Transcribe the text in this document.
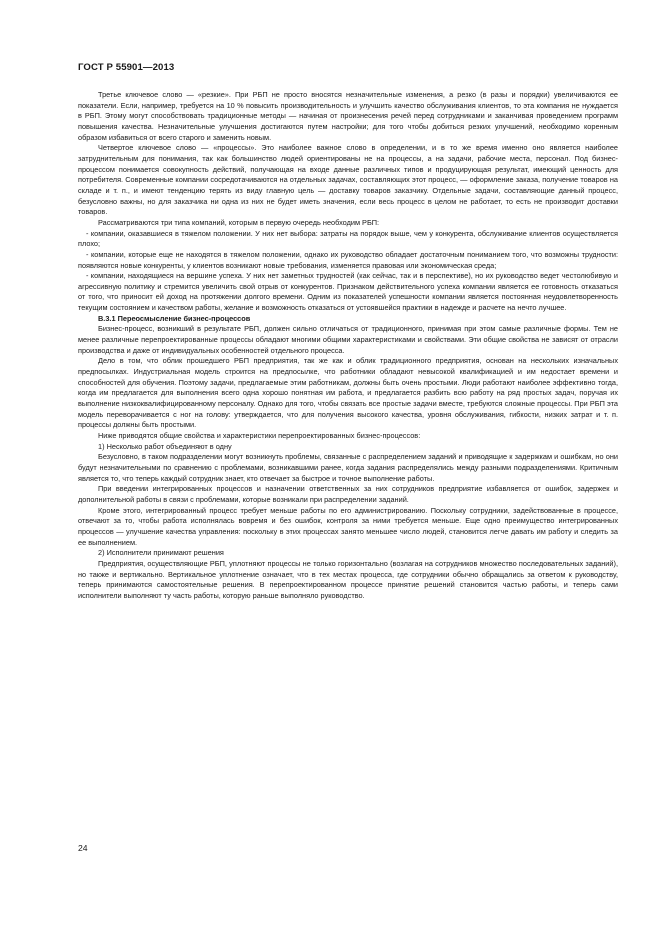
ГОСТ Р 55901—2013

Третье ключевое слово — «резкие». При РБП не просто вносятся незначительные изменения, а резко (в разы и порядки) увеличиваются ее показатели. Если, например, требуется на 10 % повысить производительность и улучшить качество обслуживания клиентов, то эта компания не нуждается в РБП. Этому могут способствовать традиционные методы — начиная от произнесения речей перед сотрудниками и заканчивая проведением программ повышения качества. Незначительные улучшения достигаются путем настройки; для того чтобы добиться резких улучшений, необходимо коренным образом избавиться от всего старого и заменить новым.

Четвертое ключевое слово — «процессы». Это наиболее важное слово в определении, и в то же время именно оно является наиболее затруднительным для понимания, так как большинство людей ориентированы не на процессы, а на задачи, рабочие места, персонал. Под бизнес-процессом понимается совокупность действий, получающая на входе данные различных типов и продуцирующая результат, имеющий ценность для потребителя. Современные компании сосредотачиваются на отдельных задачах, составляющих этот процесс, — оформление заказа, получение товаров на складе и т. п., и имеют тенденцию терять из виду главную цель — доставку товаров заказчику. Отдельные задачи, составляющие данный процесс, безусловно важны, но для заказчика ни одна из них не будет иметь значения, если весь процесс в целом не работает, то есть не производит доставки товаров.

Рассматриваются три типа компаний, которым в первую очередь необходим РБП:

- компании, оказавшиеся в тяжелом положении. У них нет выбора: затраты на порядок выше, чем у конкурента, обслуживание клиентов осуществляется плохо;

- компании, которые еще не находятся в тяжелом положении, однако их руководство обладает достаточным пониманием того, что возможны трудности: появляются новые конкуренты, у клиентов возникают новые требования, изменяется правовая или экономическая среда;

- компании, находящиеся на вершине успеха. У них нет заметных трудностей (как сейчас, так и в перспективе), но их руководство ведет честолюбивую и агрессивную политику и стремится увеличить свой отрыв от конкурентов. Признаком действительного успеха компании является ее готовность отказаться от того, что приносит ей доход на протяжении долгого времени. Одним из показателей успешности компании является постоянная неудовлетворенность текущим состоянием и качеством работы, желание и возможность отказаться от устоявшейся практики в надежде и расчете на нечто лучшее.

В.3.1 Переосмысление бизнес-процессов

Бизнес-процесс, возникший в результате РБП, должен сильно отличаться от традиционного, принимая при этом самые различные формы. Тем не менее различные перепроектированные процессы обладают многими общими характеристиками и свойствами. Эти общие свойства не зависят от отрасли производства и даже от индивидуальных особенностей отдельного процесса.

Дело в том, что облик прошедшего РБП предприятия, так же как и облик традиционного предприятия, основан на нескольких изначальных предпосылках. Индустриальная модель строится на предпосылке, что работники обладают невысокой квалификацией и им недостает времени и способностей для обучения. Поэтому задачи, предлагаемые этим работникам, должны быть очень простыми. Люди работают наиболее эффективно тогда, когда им предлагается для выполнения всего одна хорошо понятная им работа, и предлагается разбить всю работу на ряд простых задач, поручая их выполнение низкоквалифицированному персоналу. Однако для того, чтобы связать все простые задачи вместе, требуются сложные процессы. При РБП эта модель переворачивается с ног на голову: утверждается, что для получения высокого качества, уровня обслуживания, гибкости, низких затрат и т. п. процессы должны быть простыми.

Ниже приводятся общие свойства и характеристики перепроектированных бизнес-процессов:

1) Несколько работ объединяют в одну

Безусловно, в таком подразделении могут возникнуть проблемы, связанные с распределением заданий и приводящие к задержкам и ошибкам, но они будут незначительными по сравнению с проблемами, возникавшими ранее, когда задания распределялись между разными подразделениями. Критичным является то, что теперь каждый сотрудник знает, кто отвечает за быстрое и точное выполнение работы.

При введении интегрированных процессов и назначении ответственных за них сотрудников предприятие избавляется от ошибок, задержек и дополнительной работы в связи с проблемами, которые возникали при распределении заданий.

Кроме этого, интегрированный процесс требует меньше работы по его администрированию. Поскольку сотрудники, задействованные в процессе, отвечают за то, чтобы работа исполнялась вовремя и без ошибок, контроля за ними требуется меньше. Еще одно преимущество интегрированных процессов — улучшение качества управления: поскольку в этих процессах занято меньшее число людей, становится легче давать им работу и следить за ее выполнением.

2) Исполнители принимают решения

Предприятия, осуществляющие РБП, уплотняют процессы не только горизонтально (возлагая на сотрудников множество последовательных заданий), но также и вертикально. Вертикальное уплотнение означает, что в тех местах процесса, где сотрудники обычно обращались за ответом к руководству, теперь принимаются самостоятельные решения. В перепроектированном процессе принятие решений становится частью работы, и теперь сами исполнители выполняют ту часть работы, которую раньше выполняло руководство.

24
